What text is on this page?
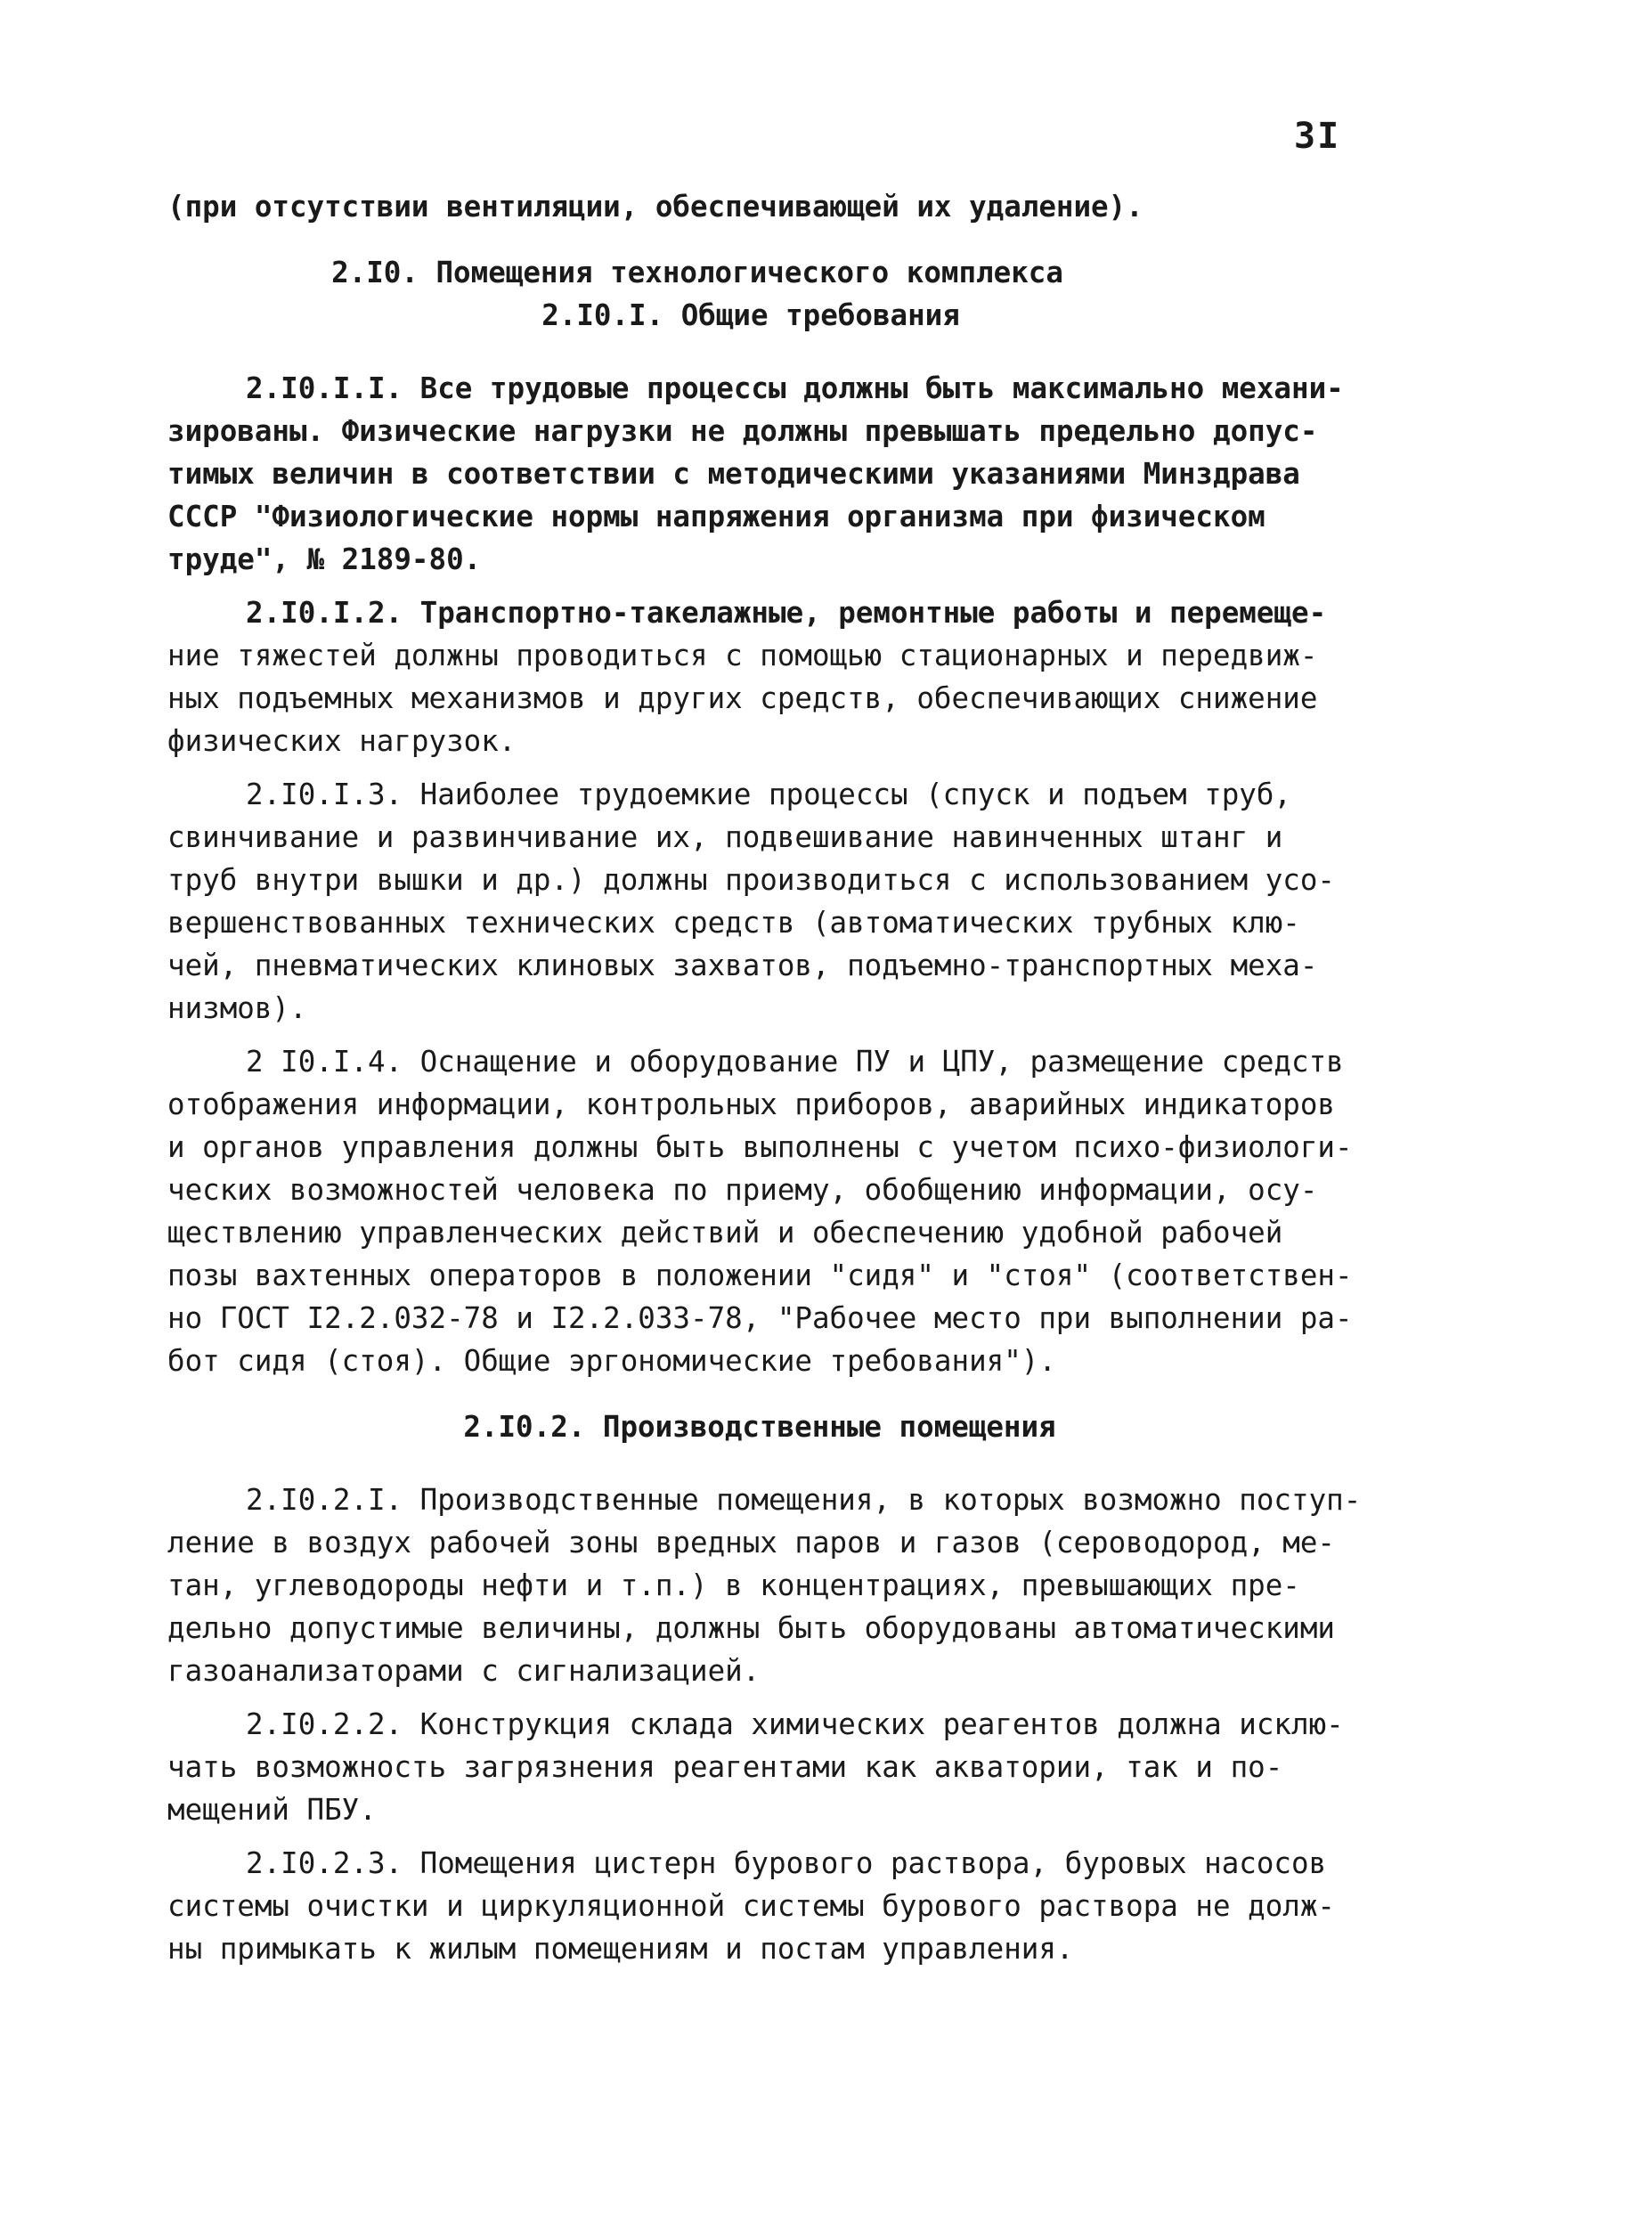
3I
(при отсутствии вентиляции, обеспечивающей их удаление).
2.I0. Помещения технологического комплекса
2.I0.I. Общие требования
2.I0.I.I. Все трудовые процессы должны быть максимально механи-
зированы. Физические нагрузки не должны превышать предельно допус-
тимых величин в соответствии с методическими указаниями Минздрава
СССР "Физиологические нормы напряжения организма при физическом
труде", № 2189-80.
2.I0.I.2. Транспортно-такелажные, ремонтные работы и перемеще-
ние тяжестей должны проводиться с помощью стационарных и передвиж-
ных подъемных механизмов и других средств, обеспечивающих снижение
физических нагрузок.
2.I0.I.3. Наиболее трудоемкие процессы (спуск и подъем труб,
свинчивание и развинчивание их, подвешивание навинченных штанг и
труб внутри вышки и др.) должны производиться с использованием усо-
вершенствованных технических средств (автоматических трубных клю-
чей, пневматических клиновых захватов, подъемно-транспортных меха-
низмов).
2 I0.I.4. Оснащение и оборудование ПУ и ЦПУ, размещение средств
отображения информации, контрольных приборов, аварийных индикаторов
и органов управления должны быть выполнены с учетом психо-физиологи-
ческих возможностей человека по приему, обобщению информации, осу-
ществлению управленческих действий и обеспечению удобной рабочей
позы вахтенных операторов в положении "сидя" и "стоя" (соответствен-
но ГОСТ I2.2.032-78 и I2.2.033-78, "Рабочее место при выполнении ра-
бот сидя (стоя). Общие эргономические требования").
2.I0.2. Производственные помещения
2.I0.2.I. Производственные помещения, в которых возможно поступ-
ление в воздух рабочей зоны вредных паров и газов (сероводород, ме-
тан, углеводороды нефти и т.п.) в концентрациях, превышающих пре-
дельно допустимые величины, должны быть оборудованы автоматическими
газоанализаторами с сигнализацией.
2.I0.2.2. Конструкция склада химических реагентов должна исклю-
чать возможность загрязнения реагентами как акватории, так и по-
мещений ПБУ.
2.I0.2.3. Помещения цистерн бурового раствора, буровых насосов
системы очистки и циркуляционной системы бурового раствора не долж-
ны примыкать к жилым помещениям и постам управления.
